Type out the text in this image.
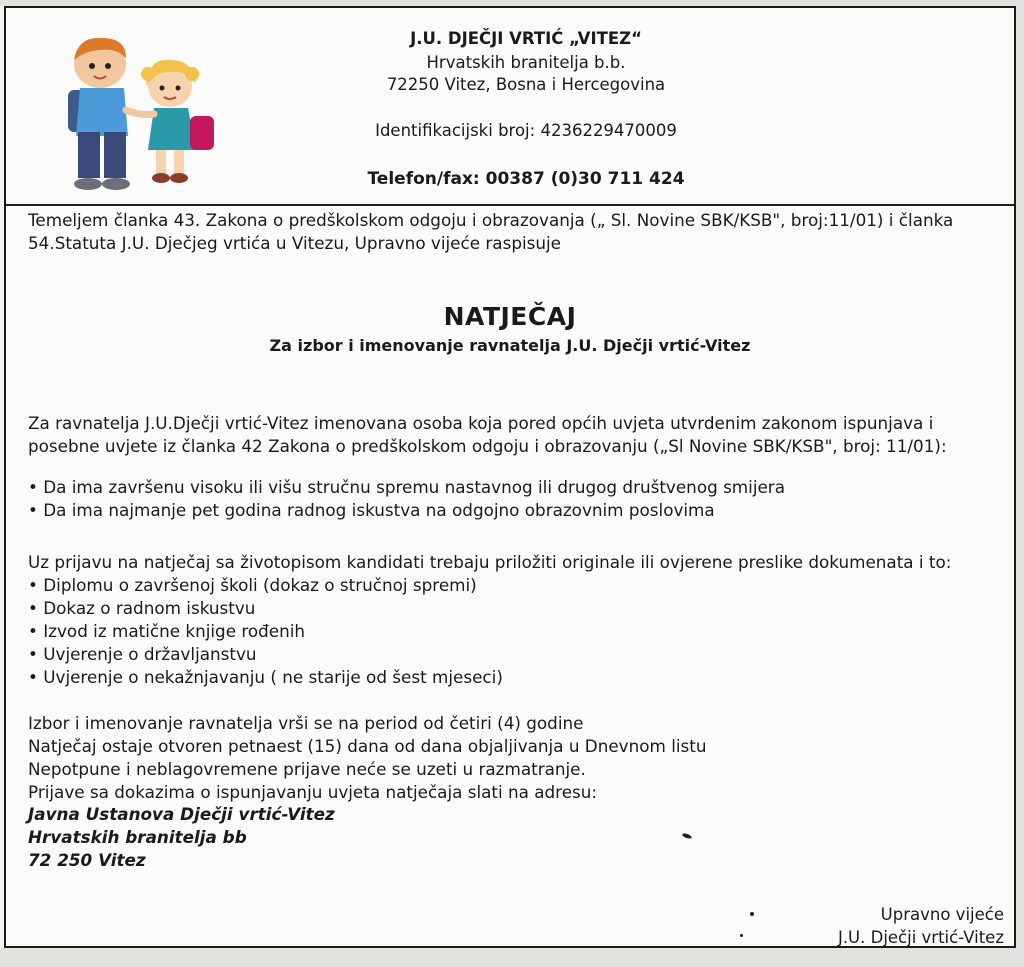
J.U. DJEČJI VRTIĆ „VITEZ“
Hrvatskih branitelja b.b.
72250 Vitez, Bosna i Hercegovina
Identifikacijski broj: 4236229470009
Telefon/fax: 00387 (0)30 711 424
Temeljem članka 43. Zakona o predškolskom odgoju i obrazovanja („ Sl. Novine SBK/KSB", broj:11/01) i članka
54.Statuta J.U. Dječjeg vrtića u Vitezu, Upravno vijeće raspisuje
NATJEČAJ
Za izbor i imenovanje ravnatelja J.U. Dječji vrtić-Vitez
Za ravnatelja J.U.Dječji vrtić-Vitez imenovana osoba koja pored općih uvjeta utvrdenim zakonom ispunjava i
posebne uvjete iz članka 42 Zakona o predškolskom odgoju i obrazovanju („Sl Novine SBK/KSB", broj: 11/01):
• Da ima završenu visoku ili višu stručnu spremu nastavnog ili drugog društvenog smijera
• Da ima najmanje pet godina radnog iskustva na odgojno obrazovnim poslovima
Uz prijavu na natječaj sa životopisom kandidati trebaju priložiti originale ili ovjerene preslike dokumenata i to:
• Diplomu o završenoj školi (dokaz o stručnoj spremi)
• Dokaz o radnom iskustvu
• Izvod iz matične knjige rođenih
• Uvjerenje o državljanstvu
• Uvjerenje o nekažnjavanju ( ne starije od šest mjeseci)
Izbor i imenovanje ravnatelja vrši se na period od četiri (4) godine
Natječaj ostaje otvoren petnaest (15) dana od dana objaljivanja u Dnevnom listu
Nepotpune i neblagovremene prijave neće se uzeti u razmatranje.
Prijave sa dokazima o ispunjavanju uvjeta natječaja slati na adresu:
Javna Ustanova Dječji vrtić-Vitez
Hrvatskih branitelja bb
72 250 Vitez
Upravno vijeće
J.U. Dječji vrtić-Vitez
